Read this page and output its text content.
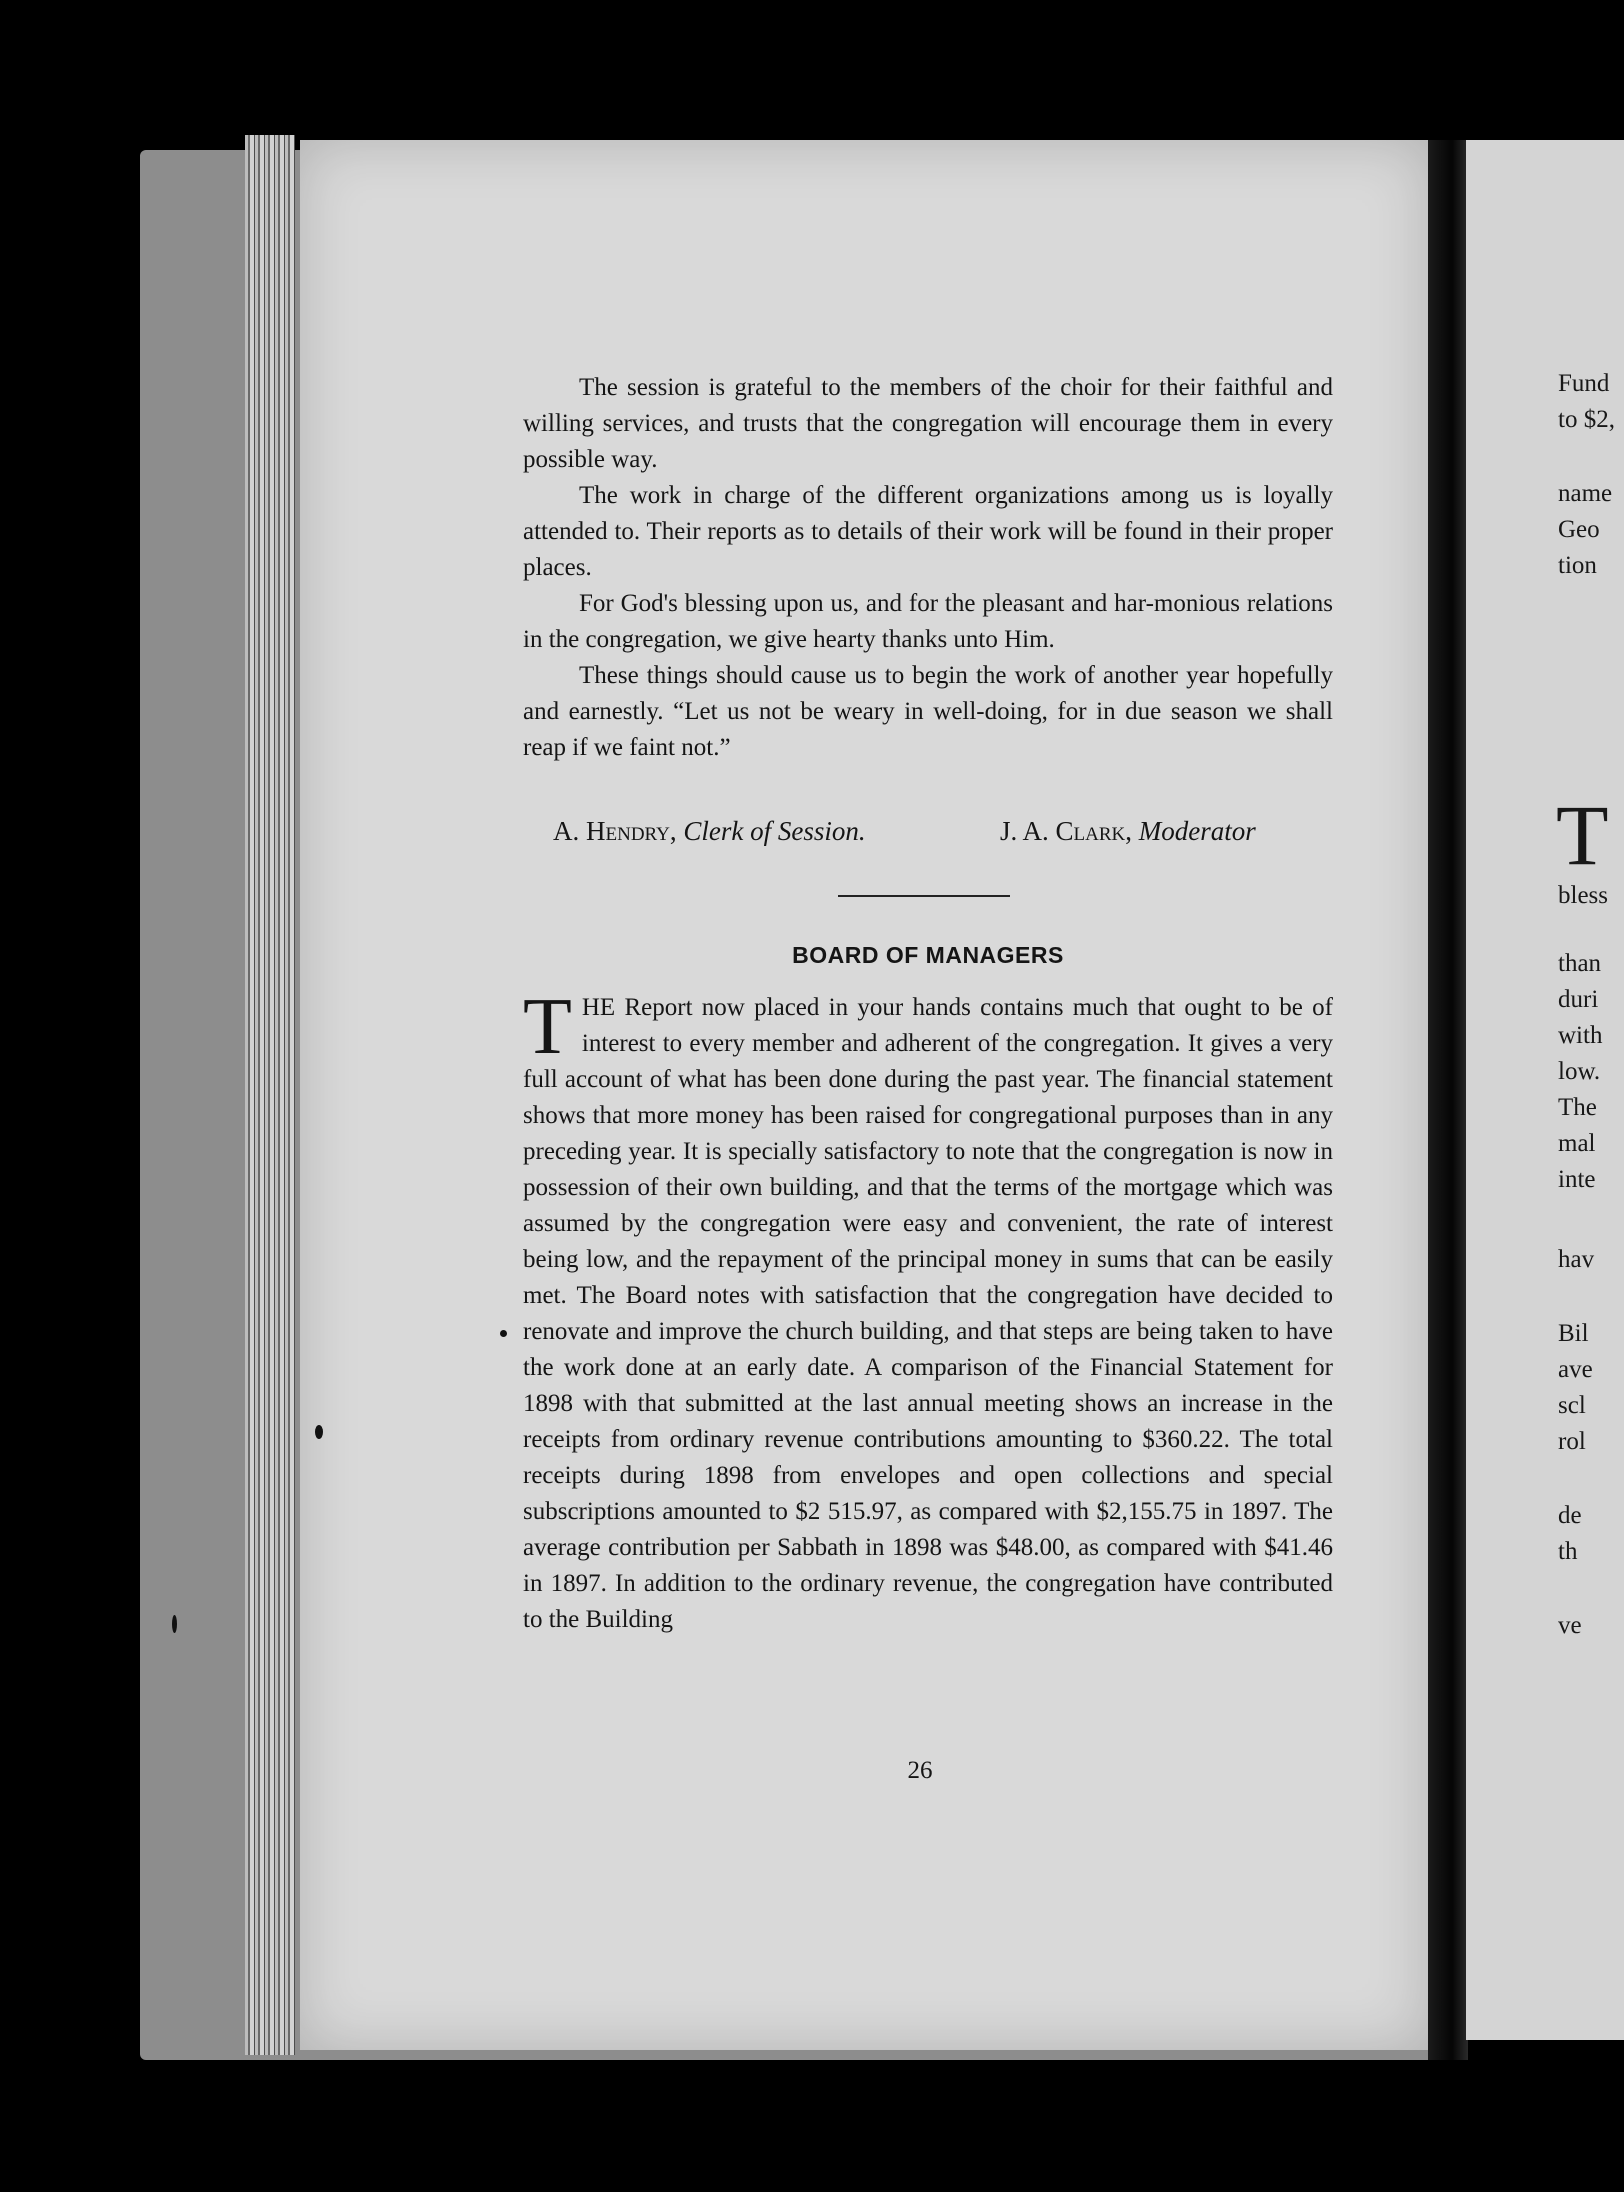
Fund
to $2,
name
Geo
tion
T
bless
than
duri
with
low.
The
mal
inte
hav
Bil
ave
scl
rol
de
th
ve

The session is grateful to the members of the choir for their faithful and willing services, and trusts that the congregation will encourage them in every possible way.

The work in charge of the different organizations among us is loyally attended to. Their reports as to details of their work will be found in their proper places.

For God's blessing upon us, and for the pleasant and har-monious relations in the congregation, we give hearty thanks unto Him.

These things should cause us to begin the work of another year hopefully and earnestly. “Let us not be weary in well-doing, for in due season we shall reap if we faint not.”

A. Hendry, Clerk of Session.	J. A. Clark, Moderator
BOARD OF MANAGERS

THE Report now placed in your hands contains much that ought to be of interest to every member and adherent of the congregation. It gives a very full account of what has been done during the past year. The financial statement shows that more money has been raised for congregational purposes than in any preceding year. It is specially satisfactory to note that the congregation is now in possession of their own building, and that the terms of the mortgage which was assumed by the congregation were easy and convenient, the rate of interest being low, and the repayment of the principal money in sums that can be easily met. The Board notes with satisfaction that the congregation have decided to renovate and improve the church building, and that steps are being taken to have the work done at an early date. A comparison of the Financial Statement for 1898 with that submitted at the last annual meeting shows an increase in the receipts from ordinary revenue contributions amounting to $360.22. The total receipts during 1898 from envelopes and open collections and special subscriptions amounted to $2 515.97, as compared with $2,155.75 in 1897. The average contribution per Sabbath in 1898 was $48.00, as compared with $41.46 in 1897. In addition to the ordinary revenue, the congregation have contributed to the Building

26
